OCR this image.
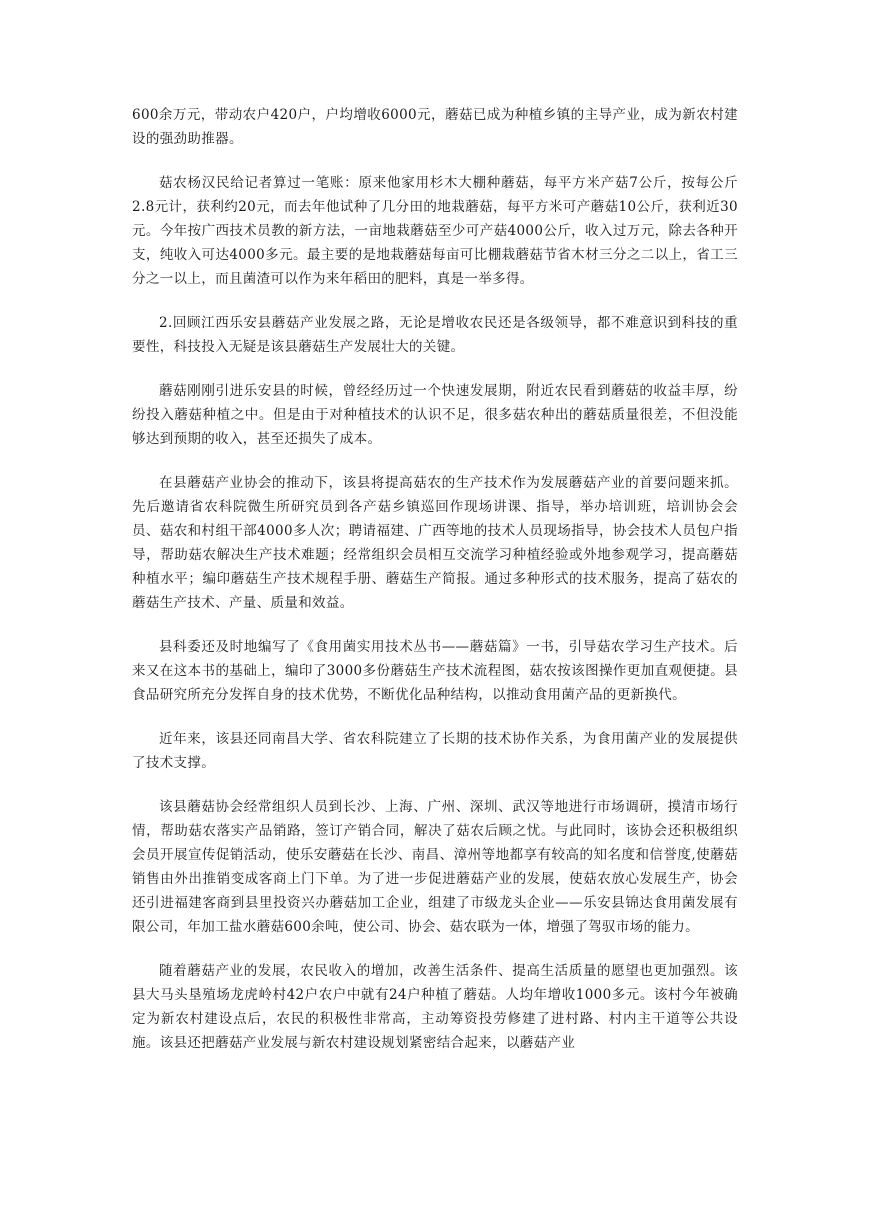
600余万元，带动农户420户，户均增收6000元，蘑菇已成为种植乡镇的主导产业，成为新农村建设的强劲助推器。

菇农杨汉民给记者算过一笔账：原来他家用杉木大棚种蘑菇，每平方米产菇7公斤，按每公斤2.8元计，获利约20元，而去年他试种了几分田的地栽蘑菇，每平方米可产蘑菇10公斤，获利近30元。今年按广西技术员教的新方法，一亩地栽蘑菇至少可产菇4000公斤，收入过万元，除去各种开支，纯收入可达4000多元。最主要的是地栽蘑菇每亩可比棚栽蘑菇节省木材三分之二以上，省工三分之一以上，而且菌渣可以作为来年稻田的肥料，真是一举多得。

2.回顾江西乐安县蘑菇产业发展之路，无论是增收农民还是各级领导，都不难意识到科技的重要性，科技投入无疑是该县蘑菇生产发展壮大的关键。

蘑菇刚刚引进乐安县的时候，曾经经历过一个快速发展期，附近农民看到蘑菇的收益丰厚，纷纷投入蘑菇种植之中。但是由于对种植技术的认识不足，很多菇农种出的蘑菇质量很差，不但没能够达到预期的收入，甚至还损失了成本。

在县蘑菇产业协会的推动下，该县将提高菇农的生产技术作为发展蘑菇产业的首要问题来抓。先后邀请省农科院微生所研究员到各产菇乡镇巡回作现场讲课、指导，举办培训班，培训协会会员、菇农和村组干部4000多人次；聘请福建、广西等地的技术人员现场指导，协会技术人员包户指导，帮助菇农解决生产技术难题；经常组织会员相互交流学习种植经验或外地参观学习，提高蘑菇种植水平；编印蘑菇生产技术规程手册、蘑菇生产简报。通过多种形式的技术服务，提高了菇农的蘑菇生产技术、产量、质量和效益。

县科委还及时地编写了《食用菌实用技术丛书——蘑菇篇》一书，引导菇农学习生产技术。后来又在这本书的基础上，编印了3000多份蘑菇生产技术流程图，菇农按该图操作更加直观便捷。县食品研究所充分发挥自身的技术优势，不断优化品种结构，以推动食用菌产品的更新换代。

近年来，该县还同南昌大学、省农科院建立了长期的技术协作关系，为食用菌产业的发展提供了技术支撑。

该县蘑菇协会经常组织人员到长沙、上海、广州、深圳、武汉等地进行市场调研，摸清市场行情，帮助菇农落实产品销路，签订产销合同，解决了菇农后顾之忧。与此同时，该协会还积极组织会员开展宣传促销活动，使乐安蘑菇在长沙、南昌、漳州等地都享有较高的知名度和信誉度,使蘑菇销售由外出推销变成客商上门下单。为了进一步促进蘑菇产业的发展，使菇农放心发展生产，协会还引进福建客商到县里投资兴办蘑菇加工企业，组建了市级龙头企业——乐安县锦达食用菌发展有限公司，年加工盐水蘑菇600余吨，使公司、协会、菇农联为一体，增强了驾驭市场的能力。

随着蘑菇产业的发展，农民收入的增加，改善生活条件、提高生活质量的愿望也更加强烈。该县大马头垦殖场龙虎岭村42户农户中就有24户种植了蘑菇。人均年增收1000多元。该村今年被确定为新农村建设点后，农民的积极性非常高，主动筹资投劳修建了进村路、村内主干道等公共设施。该县还把蘑菇产业发展与新农村建设规划紧密结合起来，以蘑菇产业
